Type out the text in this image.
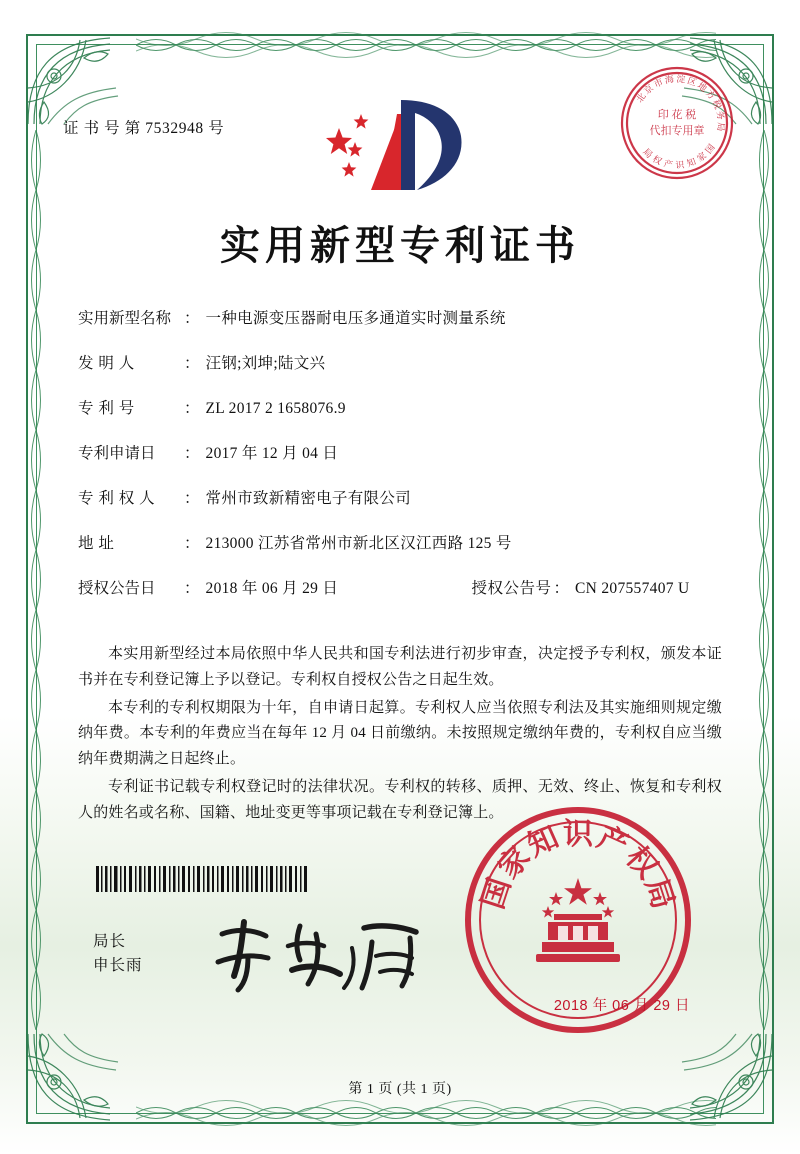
证 书 号 第 7532948 号
北
京
市 海 淀 区
地
方
税
务
局
国
家
知
识
产
权
局
印 花 税
代扣专用章
实用新型专利证书
实用新型名称 ： 一种电源变压器耐电压多通道实时测量系统
发 明 人	： 汪钢;刘坤;陆文兴
专 利 号	： ZL 2017 2 1658076.9
专利申请日	： 2017 年 12 月 04 日
专 利 权 人 ： 常州市致新精密电子有限公司
地 址	： 213000 江苏省常州市新北区汉江西路 125 号
授权公告日	： 2018 年 06 月 29 日	授权公告号 ： CN 207557407 U

本实用新型经过本局依照中华人民共和国专利法进行初步审查，决定授予专利权，颁发本证书并在专利登记簿上予以登记。专利权自授权公告之日起生效。

本专利的专利权期限为十年，自申请日起算。专利权人应当依照专利法及其实施细则规定缴纳年费。本专利的年费应当在每年 12 月 04 日前缴纳。未按照规定缴纳年费的，专利权自应当缴纳年费期满之日起终止。

专利证书记载专利权登记时的法律状况。专利权的转移、质押、无效、终止、恢复和专利权人的姓名或名称、国籍、地址变更等事项记载在专利登记簿上。

局长
申长雨
国
家
知 识 产
权
局
2018 年 06 月 29 日
第 1 页 (共 1 页)
